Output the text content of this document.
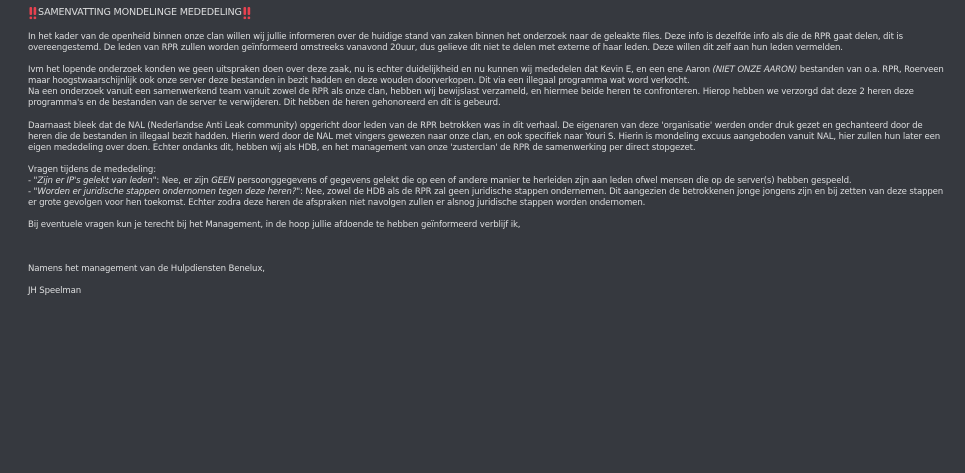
SAMENVATTING MONDELINGE MEDEDELING

In het kader van de openheid binnen onze clan willen wij jullie informeren over de huidige stand van zaken binnen het onderzoek naar de geleakte files. Deze info is dezelfde info als die de RPR gaat delen, dit is overeengestemd. De leden van RPR zullen worden geïnformeerd omstreeks vanavond 20uur, dus gelieve dit niet te delen met externe of haar leden. Deze willen dit zelf aan hun leden vermelden.

Ivm het lopende onderzoek konden we geen uitspraken doen over deze zaak, nu is echter duidelijkheid en nu kunnen wij mededelen dat Kevin E, en een ene Aaron (NIET ONZE AARON) bestanden van o.a. RPR, Roerveen maar hoogstwaarschijnlijk ook onze server deze bestanden in bezit hadden en deze wouden doorverkopen. Dit via een illegaal programma wat word verkocht.

Na een onderzoek vanuit een samenwerkend team vanuit zowel de RPR als onze clan, hebben wij bewijslast verzameld, en hiermee beide heren te confronteren. Hierop hebben we verzorgd dat deze 2 heren deze programma's en de bestanden van de server te verwijderen. Dit hebben de heren gehonoreerd en dit is gebeurd.

Daarnaast bleek dat de NAL (Nederlandse Anti Leak community) opgericht door leden van de RPR betrokken was in dit verhaal. De eigenaren van deze 'organisatie' werden onder druk gezet en gechanteerd door de heren die de bestanden in illegaal bezit hadden. Hierin werd door de NAL met vingers gewezen naar onze clan, en ook specifiek naar Youri S. Hierin is mondeling excuus aangeboden vanuit NAL, hier zullen hun later een eigen mededeling over doen. Echter ondanks dit, hebben wij als HDB, en het management van onze 'zusterclan' de RPR de samenwerking per direct stopgezet.

Vragen tijdens de mededeling:

- "Zijn er IP's gelekt van leden": Nee, er zijn GEEN persoonggegevens of gegevens gelekt die op een of andere manier te herleiden zijn aan leden ofwel mensen die op de server(s) hebben gespeeld.

- "Worden er juridische stappen ondernomen tegen deze heren?": Nee, zowel de HDB als de RPR zal geen juridische stappen ondernemen. Dit aangezien de betrokkenen jonge jongens zijn en bij zetten van deze stappen er grote gevolgen voor hen toekomst. Echter zodra deze heren de afspraken niet navolgen zullen er alsnog juridische stappen worden ondernomen.

Bij eventuele vragen kun je terecht bij het Management, in de hoop jullie afdoende te hebben geïnformeerd verblijf ik,

Namens het management van de Hulpdiensten Benelux,

JH Speelman
